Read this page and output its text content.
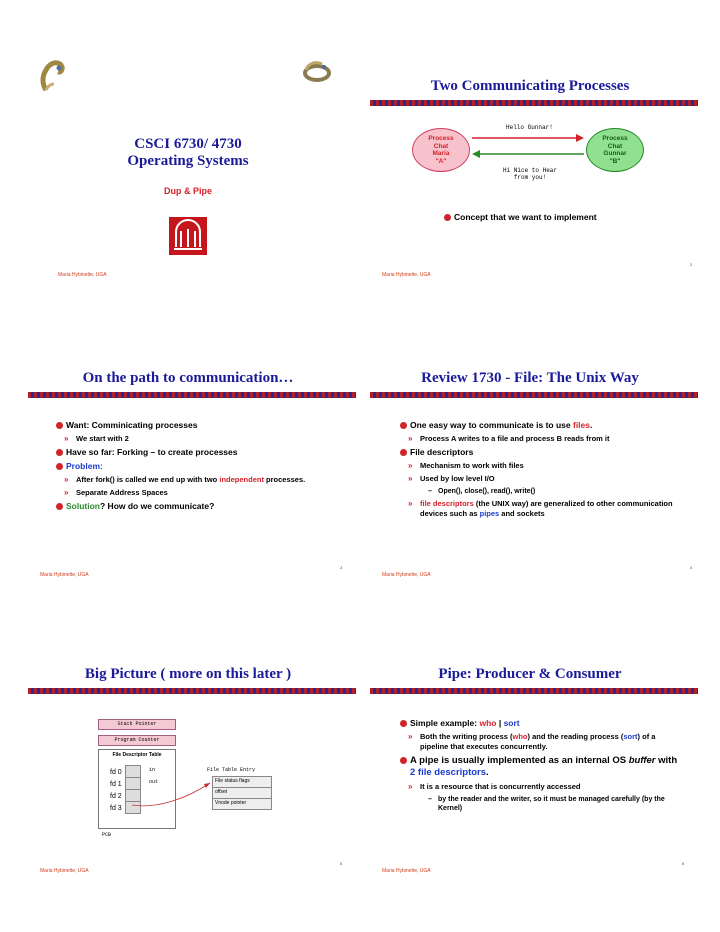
CSCI 6730/ 4730
Operating Systems
Dup & Pipe
Maria Hybinette, UGA
Two Communicating Processes
Process
Chat
Maria
"A"
Process
Chat
Gunnar
"B"
Hello Gunnar!
Hi Nice to Hear
from you!
Concept that we want to implement
Maria Hybinette, UGA
2
On the path to communication…
Want: Comminicating processes
» We start with 2
Have so far: Forking – to create processes
Problem:
» After fork() is called we end up with two independent processes.
» Separate Address Spaces
Solution? How do we communicate?
Maria Hybinette, UGA
3
Review 1730 - File: The Unix Way
One easy way to communicate is to use files.
» Process A writes to a file and process B reads from it
File descriptors
» Mechanism to work with files
» Used by low level I/O
– Open(), close(), read(), write()
» file descriptors (the UNIX way) are generalized to other communication devices such as pipes and sockets
Maria Hybinette, UGA
4
Big Picture ( more on this later )
Stack Pointer
Program Counter
File Descriptor Table
fd 0
fd 1
fd 2
fd 3
in
out
File Table Entry
File status flags
offset
Vnode pointer
PCB
Maria Hybinette, UGA
5
Pipe: Producer & Consumer
Simple example: who | sort
» Both the writing process (who) and the reading process (sort) of a pipeline that executes concurrently.
A pipe is usually implemented as an internal OS buffer with 2 file descriptors.
» It is a resource that is concurrently accessed
– by the reader and the writer, so it must be managed carefully (by the Kernel)
Maria Hybinette, UGA
6
